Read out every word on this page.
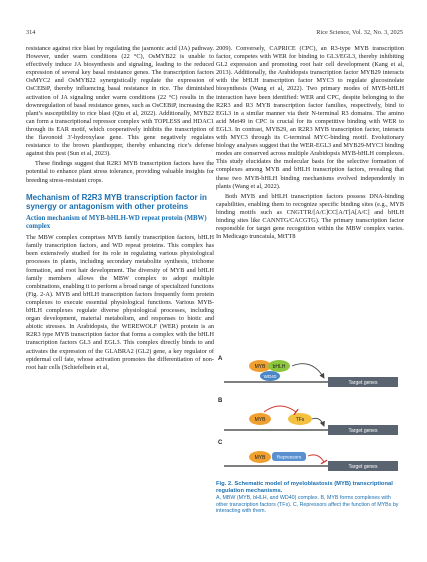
314	Rice Science, Vol. 32, No. 3, 2025

resistance against rice blast by regulating the jasmonic acid (JA) pathway. However, under warm conditions (22 °C), OsMYB22 is unable to effectively induce JA biosynthesis and signaling, leading to the reduced expression of several key basal resistance genes. The transcription factors OsMYC2 and OsMYB22 synergistically regulate the expression of OsCEBiP, thereby influencing basal resistance in rice. The diminished activation of JA signaling under warm conditions (22 °C) results in the downregulation of basal resistance genes, such as OsCEBiP, increasing the plant’s susceptibility to rice blast (Qiu et al, 2022). Additionally, MYB22 can form a transcriptional repressor complex with TOPLESS and HDAC1 through its EAR motif, which cooperatively inhibits the transcription of the flavonoid 3′-hydroxylase gene. This gene negatively regulates resistance to the brown planthopper, thereby enhancing rice’s defense against this pest (Sun et al, 2023).

These findings suggest that R2R3 MYB transcription factors have the potential to enhance plant stress tolerance, providing valuable insights for breeding stress-resistant crops.

Mechanism of R2R3 MYB transcription factor in synergy or antagonism with other proteins
Action mechanism of MYB-bHLH-WD repeat protein (MBW) complex

The MBW complex comprises MYB family transcription factors, bHLH family transcription factors, and WD repeat proteins. This complex has been extensively studied for its role in regulating various physiological processes in plants, including secondary metabolite synthesis, trichome formation, and root hair development. The diversity of MYB and bHLH family members allows the MBW complex to adopt multiple combinations, enabling it to perform a broad range of specialized functions (Fig. 2-A). MYB and bHLH transcription factors frequently form protein complexes to execute essential physiological functions. Various MYB-bHLH complexes regulate diverse physiological processes, including organ development, material metabolism, and responses to biotic and abiotic stresses. In Arabidopsis, the WEREWOLF (WER) protein is an R2R3 type MYB transcription factor that forms a complex with the bHLH transcription factors GL3 and EGL3. This complex directly binds to and activates the expression of the GLABRA2 (GL2) gene, a key regulator of epidermal cell fate, whose activation promotes the differentiation of non-root hair cells (Schiefelbein et al,

2009). Conversely, CAPRICE (CPC), an R3-type MYB transcription factor, competes with WER for binding to GL3/EGL3, thereby inhibiting GL2 expression and promoting root hair cell development (Kang et al, 2013). Additionally, the Arabidopsis transcription factor MYB29 interacts with the bHLH transcription factor MYC3 to regulate glucosinolate biosynthesis (Wang et al, 2022). Two primary modes of MYB-bHLH interaction have been identified: WER and CPC, despite belonging to the R2R3 and R3 MYB transcription factor families, respectively, bind to EGL3 in a similar manner via their N-terminal R3 domains. The amino acid Met49 in CPC is crucial for its competitive binding with WER to EGL3. In contrast, MYB29, an R2R3 MYB transcription factor, interacts with MYC3 through its C-terminal MYC-binding motif. Evolutionary biology analyses suggest that the WER-EGL3 and MYB29-MYC3 binding modes are conserved across multiple Arabidopsis MYB-bHLH complexes. This study elucidates the molecular basis for the selective formation of complexes among MYB and bHLH transcription factors, revealing that these two MYB-bHLH binding mechanisms evolved independently in plants (Wang et al, 2022).

Both MYB and bHLH transcription factors possess DNA-binding capabilities, enabling them to recognize specific binding sites (e.g., MYB binding motifs such as CNGTTR/[A/C]CC[A/T]A[A/C] and bHLH binding sites like CANNTG/CACGTG). The primary transcription factor responsible for target gene recognition within the MBW complex varies. In Medicago truncatula, MtTT8

A
MYB bHLH
WD40
Target genes
B
MYB	TFs
Target genes
C
MYB Repressors
Target genes

Fig. 2. Schematic model of myeloblastosis (MYB) transcriptional regulation mechanisms.

A, MBW (MYB, bHLH, and WD40) complex. B, MYB forms complexes with other transcription factors (TFs). C, Repressors affect the function of MYBs by interacting with them.
